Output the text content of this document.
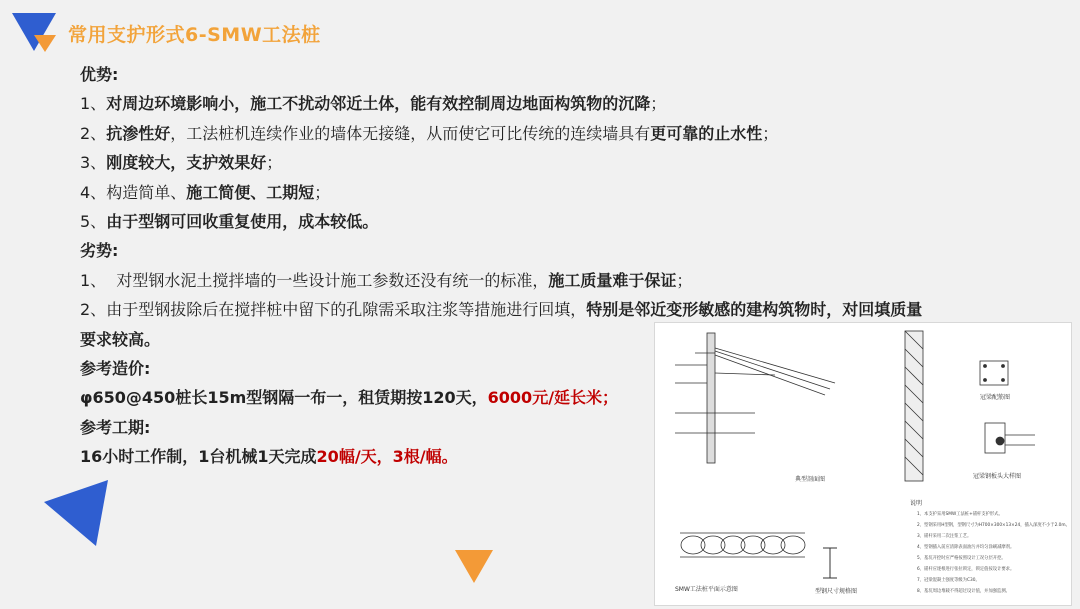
常用支护形式6-SMW工法桩
优势:
1、对周边环境影响小，施工不扰动邻近土体，能有效控制周边地面构筑物的沉降；
2、抗渗性好，工法桩机连续作业的墙体无接缝，从而使它可比传统的连续墙具有更可靠的止水性；
3、刚度较大，支护效果好；
4、构造简单、施工简便、工期短；
5、由于型钢可回收重复使用，成本较低。
劣势:
1、  对型钢水泥土搅拌墙的一些设计施工参数还没有统一的标准，施工质量难于保证；
2、由于型钢拔除后在搅拌桩中留下的孔隙需采取注浆等措施进行回填，特别是邻近变形敏感的建构筑物时，对回填质量
要求较高。
参考造价:
φ650@450桩长15m型钢隔一布一，租赁期按120天，6000元/延长米；
参考工期:
16小时工作制，1台机械1天完成20幅/天，3根/幅。
典型剖面图
冠梁配筋图
冠梁钢板头大样图
SMW工法桩平面示意图	型钢尺寸规格图
说明
1、本支护采用SMW工法桩+锚杆支护形式。
2、型钢采用H型钢，型钢尺寸为H700×300×13×24，插入深度不小于2.0m。
3、锚杆采用二次注浆工艺。
4、型钢插入前应清除表面油污并均匀涂刷减摩剂。
5、基坑开挖时应严格按照设计工况分层开挖。
6、锚杆应逐根进行张拉锁定，锁定值按设计要求。
7、冠梁混凝土强度等级为C30。
8、基坑周边堆载不得超过设计值，并加强监测。
